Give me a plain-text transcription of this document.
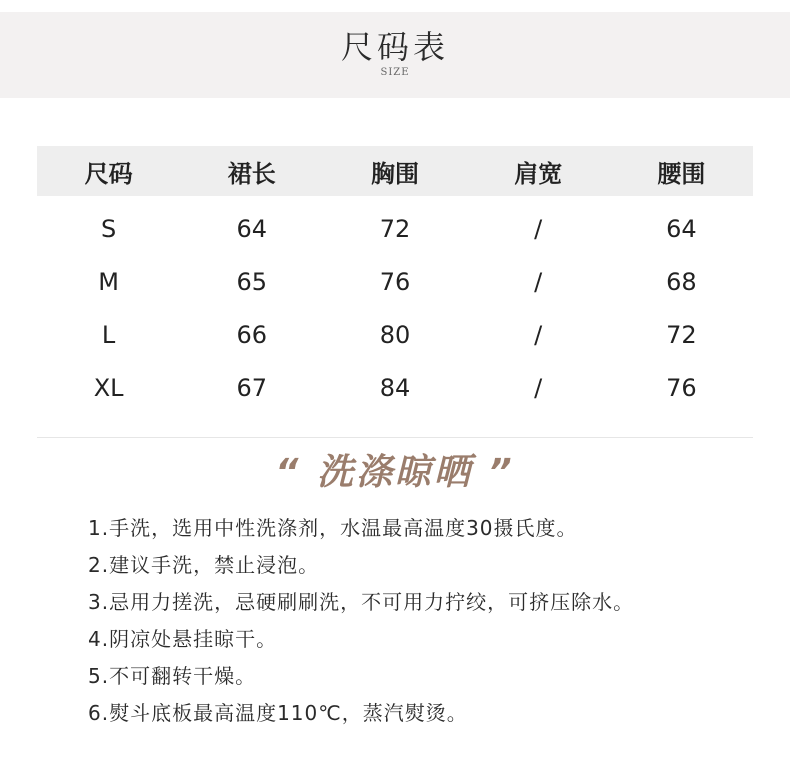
尺码表
SIZE
尺码	裙长	胸围	肩宽	腰围
S	64	72	/	64
M	65	76	/	68
L	66	80	/	72
XL	67	84	/	76
“ 洗涤晾晒 ”
1.手洗，选用中性洗涤剂，水温最高温度30摄氏度。
2.建议手洗，禁止浸泡。
3.忌用力搓洗，忌硬刷刷洗，不可用力拧绞，可挤压除水。
4.阴凉处悬挂晾干。
5.不可翻转干燥。
6.熨斗底板最高温度110℃，蒸汽熨烫。
